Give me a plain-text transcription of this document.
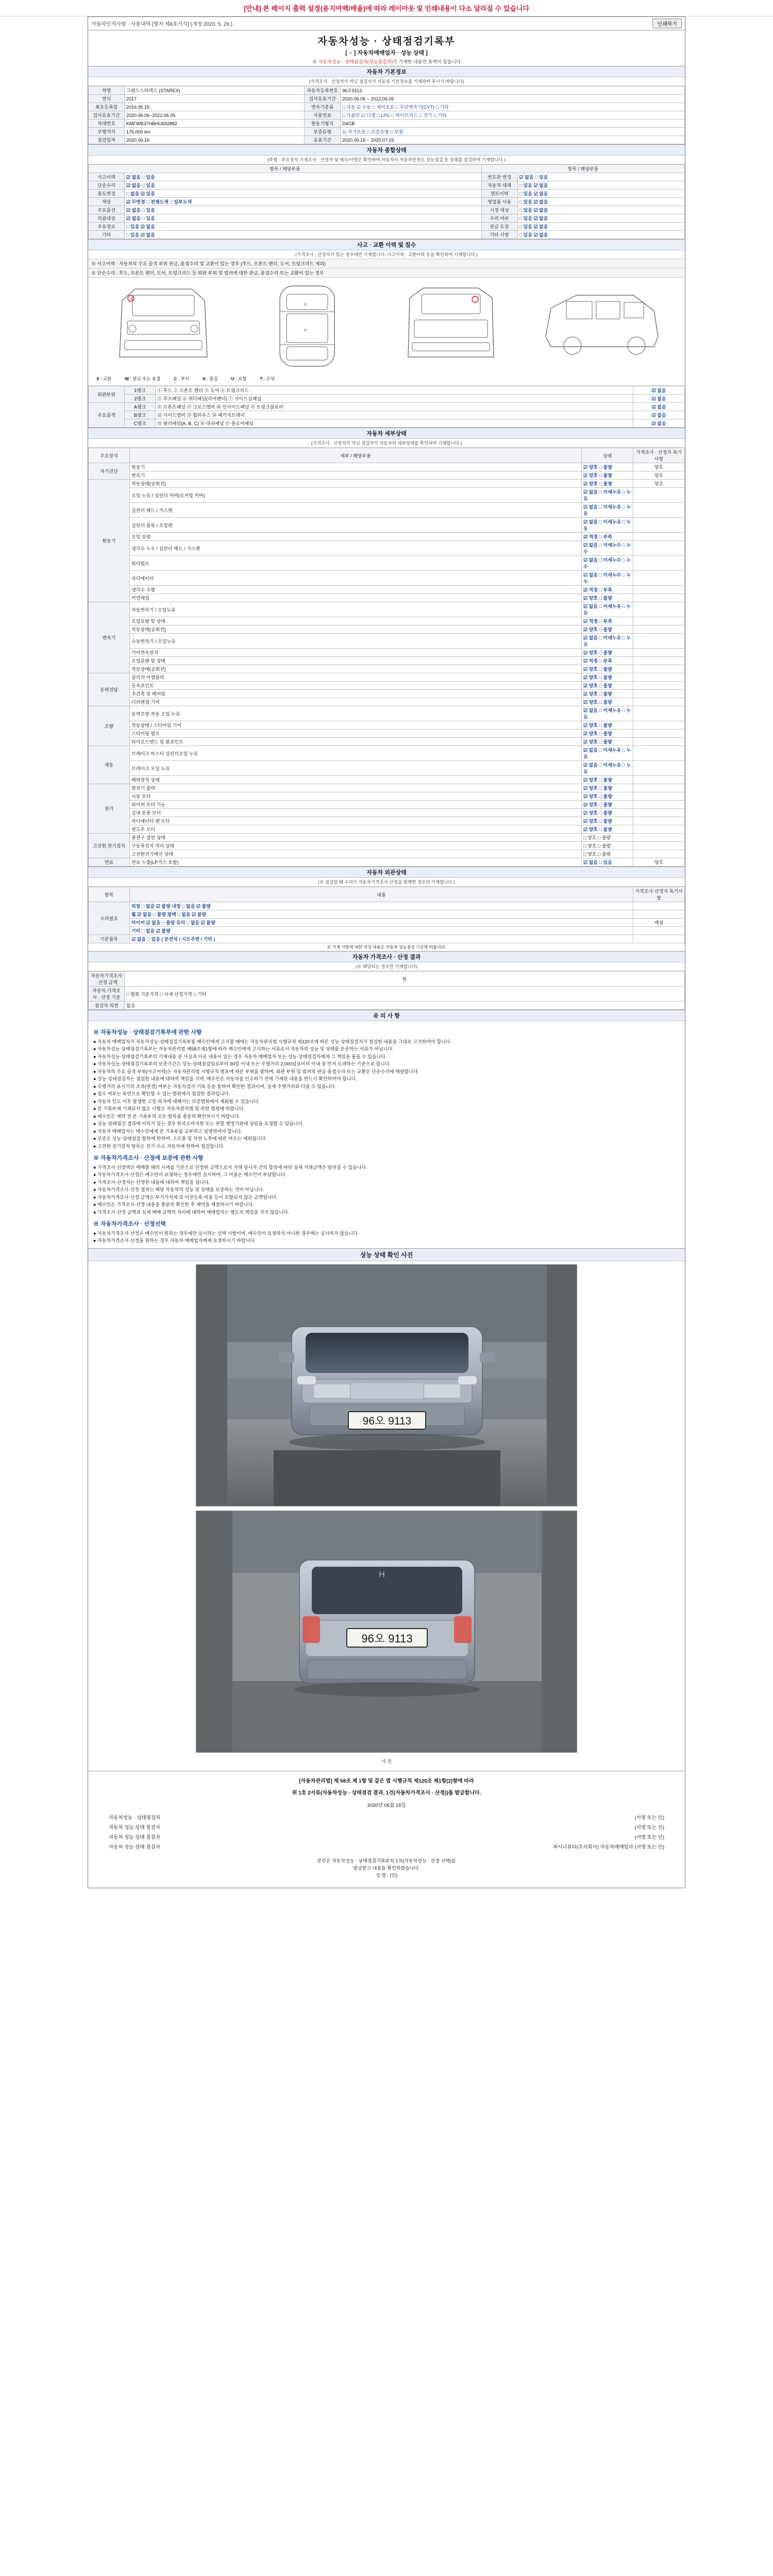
[안내] 본 페이지 출력 설정(용지여백/배율)에 따라 레이아웃 및 인쇄내용이 다소 달라질 수 있습니다
자동차인적사항 · 사용내역 [별지 제6호서식] (개정 2020. 5. 26.)	인쇄하기
자동차성능 · 상태점검기록부
[ ○ ] 자동차매매업자 · 성능 상태 ]
※ 자동차성능 · 상태점검자(성능점검자)가 기재한 내용만 효력이 있습니다
자동차 기본정보
(가격조사 · 산정자가 아닌 점검자가 자동차 기본정보를 기재하여 주시기 바랍니다)
차명	그랜드스타렉스 (STAREX)	자동차등록번호	96오9113
연식	2017	검사유효기간	2020.06.06 ~ 2022.06.05
최초등록일	2016.05.15	변속기종류	□ 자동 ☑ 수동 □ 세미오토 □ 무단변속기(CVT) □ 기타
검사유효기간	2020.06.06~2022.06.05	사용연료	□ 가솔린 ☑ 디젤 □ LPG □ 하이브리드 □ 전기 □ 기타
차대번호	KMFWB37HBHU692882	원동기형식	D4CB
주행거리	176,000 km	보증유형	☑ 자가보증 □ 보증유형 □ 보험
점검일자	2020.06.16	유효기간	2020.06.16 ~ 2020.07.16
자동차 종합상태
(주행 · 주요장치 기재조사 · 산정자 및 매수/사망은 확인하여 자동차의 자동차안전도 성능점검 등 상태를 점검하여 기재합니다.)
항목 / 해당부품		항목 / 해당부품	
사고이력	☑ 없음 □ 있음	번호판 변경	☑ 없음 □ 있음
단순수리	☑ 없음 □ 있음	자동차 대체	□ 있음 ☑ 없음
용도변경	□ 없음 ☑ 있음	렌트이력	□ 있음 ☑ 없음
색상	☑ 무변경 □ 전체도색 □ 일부도색	영업용 사용	□ 있음 ☑ 없음
주요옵션	☑ 없음 □ 있음	시정 대상	□ 있음 ☑ 없음
리콜대상	☑ 없음 □ 있음	수리 여부	□ 있음 ☑ 없음
주유경로	□ 있음 ☑ 없음	판금 도장	□ 있음 ☑ 없음
기타	□ 있음 ☑ 없음	기타 사항	□ 있음 ☑ 없음
사고 · 교환 이력 및 침수
(가격조사 · 산정자가 있는 경우에만 기재합니다. 사고이력 · 교환이력 등을 확인하여 기재합니다.)
※ 사고이력 : 자동차의 주요 골격 부위 판금, 용접수리 및 교환이 있는 경우 (후드, 프론트 펜더, 도어, 트렁크리드 제외)
※ 단순수리 : 후드, 프론트 펜더, 도어, 트렁크리드 등 외판 부위 및 범퍼에 대한 판금, 용접수리 또는 교환이 있는 경우
①
②
⑤
X : 교환	W : 판금 또는 용접	C : 부식	A : 흠집	U : 요철	T : 손상
외판부위	1랭크	① 후드 ② 프론트 펜더 ③ 도어 ④ 트렁크리드	☑ 없음
	2랭크	⑤ 루프패널 ⑥ 쿼터패널(리어펜더) ⑦ 사이드실패널	☑ 없음
주요골격	A랭크	⑧ 프론트패널 ⑨ 크로스멤버 ⑩ 인사이드패널 ⑪ 트렁크플로어	☑ 없음
	B랭크	⑫ 사이드멤버 ⑬ 휠하우스 ⑭ 패키지트레이	☑ 없음
	C랭크	⑮ 필러패널(A, B, C) ⑯ 대쉬패널 ⑰ 플로어패널	☑ 없음
자동차 세부상태
(가격조사 · 산정자가 아닌 점검자가 자동차의 세부상태를 확인하여 기재합니다.)
주요장치	세부 / 해당부품	상태	가격조사 · 산정자 특기사항
자기진단	원동기	☑ 양호 □ 불량	양호
	변속기	☑ 양호 □ 불량	양호
원동기	작동상태(공회전)	☑ 양호 □ 불량	양호
	오일 누유 / 실린더 커버(로커암 커버)	☑ 없음 □ 미세누유 □ 누유	
	실린더 헤드 / 가스켓	☑ 없음 □ 미세누유 □ 누유	
	실린더 블록 / 오일팬	☑ 없음 □ 미세누유 □ 누유	
	오일 유량	☑ 적정 □ 부족	
	냉각수 누수 / 실린더 헤드 / 가스켓	☑ 없음 □ 미세누수 □ 누수	
	워터펌프	☑ 없음 □ 미세누수 □ 누수	
	라디에이터	☑ 없음 □ 미세누수 □ 누수	
	냉각수 수량	☑ 적정 □ 부족	
	커먼레일	☑ 양호 □ 불량	
변속기	자동변속기 / 오일누유	☑ 없음 □ 미세누유 □ 누유	
	오일유량 및 상태	☑ 적정 □ 부족	
	작동상태(공회전)	☑ 양호 □ 불량	
	수동변속기 / 오일누유	☑ 없음 □ 미세누유 □ 누유	
	기어변속장치	☑ 양호 □ 불량	
	오일유량 및 상태	☑ 적정 □ 부족	
	작동상태(공회전)	☑ 양호 □ 불량	
동력전달	클러치 어셈블리	☑ 양호 □ 불량	
	등속죠인트	☑ 양호 □ 불량	
	추진축 및 베어링	☑ 양호 □ 불량	
	디퍼렌셜 기어	☑ 양호 □ 불량	
조향	동력조향 작동 오일 누유	☑ 없음 □ 미세누유 □ 누유	
	작동상태 / 스티어링 기어	☑ 양호 □ 불량	
	스티어링 펌프	☑ 양호 □ 불량	
	타이로드엔드 및 볼죠인트	☑ 양호 □ 불량	
제동	브레이크 마스터 실린더오일 누유	☑ 없음 □ 미세누유 □ 누유	
	브레이크 오일 누유	☑ 없음 □ 미세누유 □ 누유	
	배력장치 상태	☑ 양호 □ 불량	
전기	발전기 출력	☑ 양호 □ 불량	
	시동 모터	☑ 양호 □ 불량	
	와이퍼 모터 기능	☑ 양호 □ 불량	
	실내 송풍 모터	☑ 양호 □ 불량	
	라디에이터 팬 모터	☑ 양호 □ 불량	
	윈도우 모터	☑ 양호 □ 불량	
고전원 전기장치	충전구 절연 상태	□ 양호 □ 불량	
	구동축전지 격리 상태	□ 양호 □ 불량	
	고전원전기배선 상태	□ 양호 □ 불량	
연료	연료 누출(LP가스 포함)	☑ 없음 □ 있음	양호
자동차 외관상태
(※ 점검할 때 수리가 자동차가격조사·산정을 함께한 경우만 기재합니다.)
항목	내용	가격조사·산정자 특기사항
수리필요	외장 □ 없음 ☑ 불량 내장 □ 없음 ☑ 불량	
	휠 ☑ 없음 □ 불량 광택 □ 없음 ☑ 불량	
	타이어 ☑ 없음 □ 불량 유리 □ 없음 ☑ 불량	배점
	기타 □ 없음 ☑ 불량	
기본품목	☑ 없음 □ 있음 ( 운전석 / 시트주변 / 기타 )	
※ 기재 사항에 대한 작성 내용은 자동차 성능점검 기준에 따릅니다.
자동차 가격조사 · 산정 결과
(※ 해당되는 경우만 기재합니다)
자동차가격조사 · 산정 금액	원
자동차 가격조사 · 산정 기준	□ 협회 기준가격 □ 시세 산정가격 □ 기타
점검자 의견	없음
유 의 사 항
※ 자동차성능 · 상태점검기록부에 관한 사항
● 자동차 매매업자가 자동차성능·상태점검기록부를 매수인에게 고지할 때에는 자동차관리법 시행규칙 제120조에 따른 성능·상태점검자가 점검한 내용을 그대로 고지하여야 합니다.
● 자동차성능·상태점검기록부는 자동차관리법 제58조제1항에 따라 매수인에게 고지하는 서류로서 자동차의 성능 및 상태를 보증하는 서류가 아닙니다.
● 자동차성능·상태점검기록부의 기재내용 중 사실과 다른 내용이 있는 경우 자동차 매매업자 또는 성능·상태점검자에게 그 책임을 물을 수 있습니다.
● 자동차성능·상태점검기록부의 보증기간은 성능·상태점검일로부터 30일 이내 또는 주행거리 2,000킬로미터 이내 중 먼저 도래하는 기준으로 합니다.
● 자동차의 주요 골격 부위(사고이력)는 자동차관리법 시행규칙 별표에 따른 부위를 말하며, 외판 부위 및 범퍼의 판금·용접수리 또는 교환은 단순수리에 해당합니다.
● 성능·상태점검자는 점검한 내용에 대하여 책임을 지며, 매수인은 자동차를 인수하기 전에 기재된 내용을 반드시 확인하여야 합니다.
● 주행거리 표시기의 조작(변경) 여부는 자동차검사 기록 등을 통하여 확인한 결과이며, 실제 주행거리와 다를 수 있습니다.
● 침수 여부는 육안으로 확인할 수 있는 범위에서 점검한 결과입니다.
● 자동차 인도 이후 발생한 고장·하자에 대해서는 보증범위에서 제외될 수 있습니다.
● 본 기록부에 기재되지 않은 사항은 자동차관리법 및 관련 법령에 따릅니다.
● 매수인은 계약 전 본 기록부의 모든 항목을 충분히 확인하시기 바랍니다.
● 성능·상태점검 결과에 이의가 있는 경우 한국소비자원 또는 관할 행정기관에 상담을 요청할 수 있습니다.
● 자동차 매매업자는 매수인에게 본 기록부를 교부하고 설명하여야 합니다.
● 보증은 성능·상태점검 항목에 한하며, 소모품 및 자연 노후에 따른 마모는 제외됩니다.
● 고전원 전기장치 항목은 전기·수소 자동차에 한하여 점검합니다.
※ 자동차가격조사 · 산정에 보증에 관한 사항
● 가격조사·산정액은 매매할 때의 시세를 기준으로 산정한 금액으로서 거래 당사자 간의 합의에 따라 실제 거래금액은 달라질 수 있습니다.
● 자동차가격조사·산정은 매수인이 요청하는 경우에만 실시하며, 그 비용은 매수인이 부담합니다.
● 가격조사·산정자는 산정한 내용에 대하여 책임을 집니다.
● 자동차가격조사·산정 결과는 해당 자동차의 성능 및 상태를 보증하는 것이 아닙니다.
● 자동차가격조사·산정 금액은 부가가치세 및 이전등록 비용 등이 포함되지 않은 금액입니다.
● 매수인은 가격조사·산정 내용을 충분히 확인한 후 계약을 체결하시기 바랍니다.
● 가격조사·산정 금액과 실제 매매 금액의 차이에 대하여 매매업자는 별도의 책임을 지지 않습니다.
※ 자동차가격조사 · 산정선택
● 자동차가격조사·산정은 매수인이 원하는 경우에만 실시하는 선택 사항이며, 매수인이 요청하지 아니한 경우에는 실시하지 않습니다.
● 자동차가격조사·산정을 원하는 경우 자동차 매매업자에게 요청하시기 바랍니다.
성능 상태 확인 사진
96오 9113
96오 9113
H
사 진
[자동차관리법] 제 58조 제 1항 및 같은 법 시행규칙 제120조 제1항(2)항에 따라
위 1호 2서류(자동차성능 · 상태점검 결과, 1건(자동차가격조사 · 산정))를 발급합니다.
2020년 06월 16일
자동차성능 · 상태점검자	(서명 또는 인)
자동차 성능 상태 점검자	(서명 또는 인)
자동차 성능 상태 점검자	(서명 또는 인)
자동차 성능 상태 점검자	파시니뷰티(주식회사) 자동차매매업자 (서명 또는 인)
본인은 자동차성능 · 상태점검기록부의 1차(자동차성능 · 산정 선택)를
발급받고 내용을 확인하였습니다.
성 명 : (인)
